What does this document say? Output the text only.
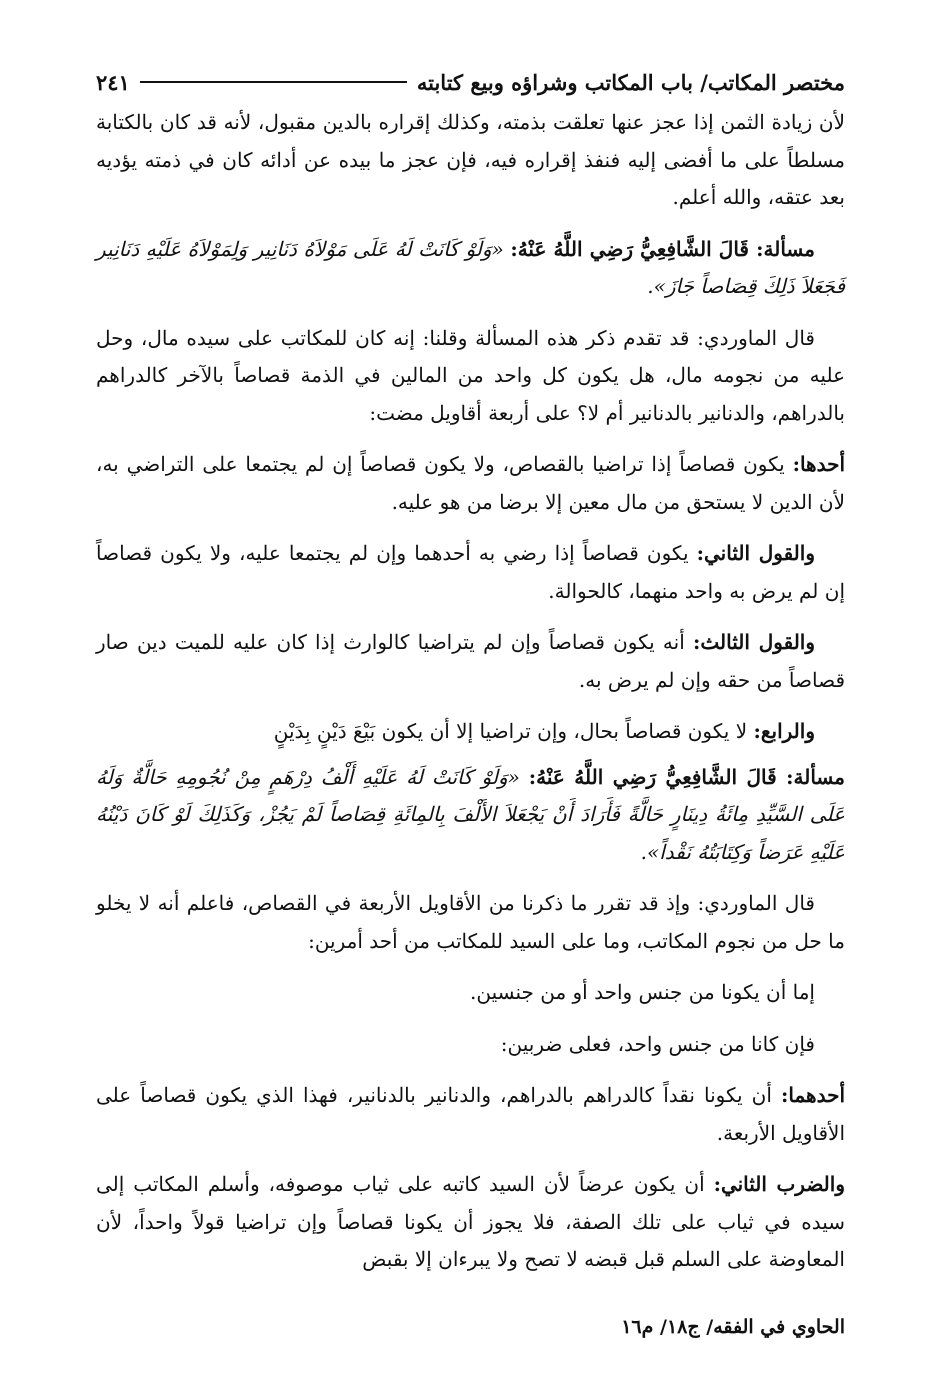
مختصر المكاتب/ باب المكاتب وشراؤه وبيع كتابته
٢٤١

لأن زيادة الثمن إذا عجز عنها تعلقت بذمته، وكذلك إقراره بالدين مقبول، لأنه قد كان بالكتابة مسلطاً على ما أفضى إليه فنفذ إقراره فيه، فإن عجز ما بيده عن أدائه كان في ذمته يؤديه بعد عتقه، والله أعلم.

مسألة: قَالَ الشَّافِعِيُّ رَضِي اللَّهُ عَنْهُ: «وَلَوْ كَانَتْ لَهُ عَلَى مَوْلاَهُ دَنَانِير وَلِمَوْلاَهُ عَلَيْهِ دَنَانِير فَجَعَلاَ ذَلِكَ قِصَاصاً جَازَ».

قال الماوردي: قد تقدم ذكر هذه المسألة وقلنا: إنه كان للمكاتب على سيده مال، وحل عليه من نجومه مال، هل يكون كل واحد من المالين في الذمة قصاصاً بالآخر كالدراهم بالدراهم، والدنانير بالدنانير أم لا؟ على أربعة أقاويل مضت:

أحدها: يكون قصاصاً إذا تراضيا بالقصاص، ولا يكون قصاصاً إن لم يجتمعا على التراضي به، لأن الدين لا يستحق من مال معين إلا برضا من هو عليه.

والقول الثاني: يكون قصاصاً إذا رضي به أحدهما وإن لم يجتمعا عليه، ولا يكون قصاصاً إن لم يرض به واحد منهما، كالحوالة.

والقول الثالث: أنه يكون قصاصاً وإن لم يتراضيا كالوارث إذا كان عليه للميت دين صار قصاصاً من حقه وإن لم يرض به.

والرابع: لا يكون قصاصاً بحال، وإن تراضيا إلا أن يكون بَيْعَ دَيْنٍ بِدَيْنٍ

مسألة: قَالَ الشَّافِعِيُّ رَضِي اللَّهُ عَنْهُ: «وَلَوْ كَانَتْ لَهُ عَلَيْهِ أَلْفُ دِرْهَمٍ مِنْ نُجُومِهِ حَالَّةٌ وَلَهُ عَلَى السَّيِّدِ مِائَةُ دِينَارٍ حَالَّةً فَأَرَادَ أَنْ يَجْعَلاَ الأَلْفَ بِالمِائَةِ قِصَاصاً لَمْ يَجُزْ، وَكَذَلِكَ لَوْ كَانَ دَيْنُهُ عَلَيْهِ عَرَضاً وَكِتَابَتُهُ نَقْداً».

قال الماوردي: وإذ قد تقرر ما ذكرنا من الأقاويل الأربعة في القصاص، فاعلم أنه لا يخلو ما حل من نجوم المكاتب، وما على السيد للمكاتب من أحد أمرين:

إما أن يكونا من جنس واحد أو من جنسين.

فإن كانا من جنس واحد، فعلى ضربين:

أحدهما: أن يكونا نقداً كالدراهم بالدراهم، والدنانير بالدنانير، فهذا الذي يكون قصاصاً على الأقاويل الأربعة.

والضرب الثاني: أن يكون عرضاً لأن السيد كاتبه على ثياب موصوفه، وأسلم المكاتب إلى سيده في ثياب على تلك الصفة، فلا يجوز أن يكونا قصاصاً وإن تراضيا قولاً واحداً، لأن المعاوضة على السلم قبل قبضه لا تصح ولا يبرءان إلا بقبض

الحاوي في الفقه/ ج١٨/ م١٦
